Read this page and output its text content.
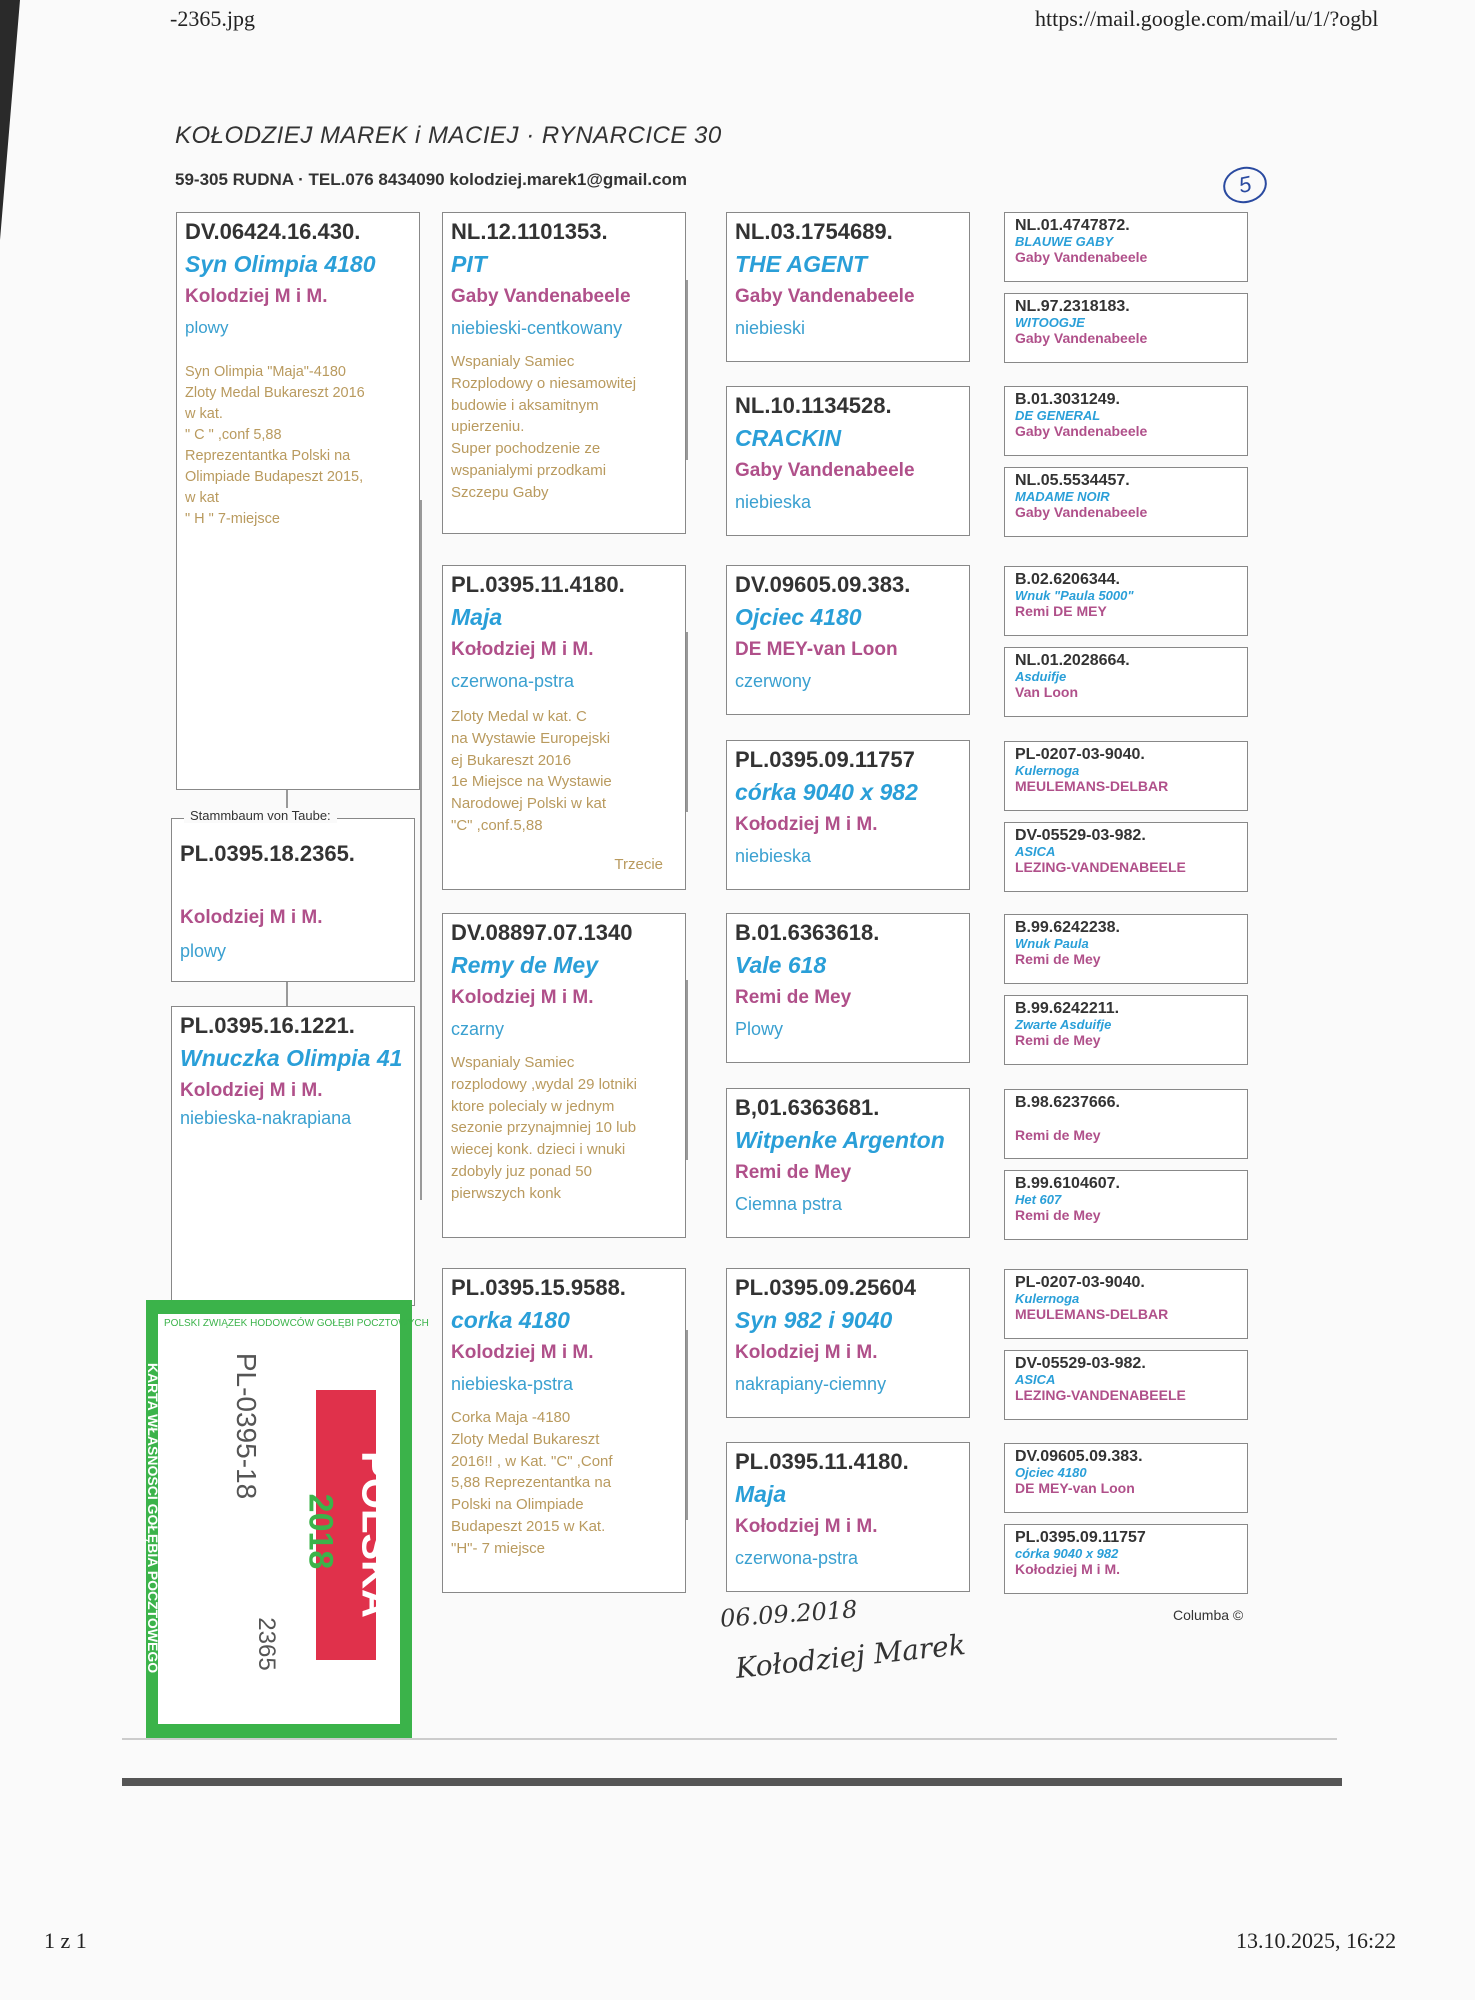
-2365.jpg	https://mail.google.com/mail/u/1/?ogbl
1 z 1	13.10.2025, 16:22
KOŁODZIEJ MAREK i MACIEJ · RYNARCICE 30
59-305 RUDNA · TEL.076 8434090 kolodziej.marek1@gmail.com	5
DV.06424.16.430.
Syn Olimpia 4180
Kolodziej M i M.
plowy
Syn Olimpia "Maja"-4180
Zloty Medal Bukareszt 2016
w kat.
" C " ,conf 5,88
Reprezentantka Polski na
Olimpiade Budapeszt 2015,
w kat
" H " 7-miejsce
Stammbaum von Taube:
PL.0395.18.2365.
Kolodziej M i M.
plowy
PL.0395.16.1221.
Wnuczka Olimpia 41
Kolodziej M i M.
niebieska-nakrapiana
NL.12.1101353.
PIT
Gaby Vandenabeele
niebieski-centkowany
Wspanialy Samiec
Rozplodowy o niesamowitej
budowie i aksamitnym
upierzeniu.
Super pochodzenie ze
wspanialymi przodkami
Szczepu Gaby
PL.0395.11.4180.
Maja
Kołodziej M i M.
czerwona-pstra
Zloty Medal w kat. C
na Wystawie Europejski
ej Bukareszt 2016
1e Miejsce na Wystawie
Narodowej Polski w kat
"C" ,conf.5,88
Trzecie
DV.08897.07.1340
Remy de Mey
Kolodziej M i M.
czarny
Wspanialy Samiec
rozplodowy ,wydal 29 lotniki
ktore polecialy w jednym
sezonie przynajmniej 10 lub
wiecej konk. dzieci i wnuki
zdobyly juz ponad 50
pierwszych konk
PL.0395.15.9588.
corka 4180
Kolodziej M i M.
niebieska-pstra
Corka Maja -4180
Zloty Medal Bukareszt
2016!! , w Kat. "C" ,Conf
5,88 Reprezentantka na
Polski na Olimpiade
Budapeszt 2015 w Kat.
"H"- 7 miejsce
NL.03.1754689.
THE AGENT
Gaby Vandenabeele
niebieski
NL.10.1134528.
CRACKIN
Gaby Vandenabeele
niebieska
DV.09605.09.383.
Ojciec 4180
DE MEY-van Loon
czerwony
PL.0395.09.11757
córka 9040 x 982
Kołodziej M i M.
niebieska
B.01.6363618.
Vale 618
Remi de Mey
Plowy
B,01.6363681.
Witpenke Argenton
Remi de Mey
Ciemna pstra
PL.0395.09.25604
Syn 982 i 9040
Kolodziej M i M.
nakrapiany-ciemny
PL.0395.11.4180.
Maja
Kołodziej M i M.
czerwona-pstra
NL.01.4747872.
BLAUWE GABY
Gaby Vandenabeele
NL.97.2318183.
WITOOGJE
Gaby Vandenabeele
B.01.3031249.
DE GENERAL
Gaby Vandenabeele
NL.05.5534457.
MADAME NOIR
Gaby Vandenabeele
B.02.6206344.
Wnuk "Paula 5000"
Remi DE MEY
NL.01.2028664.
Asduifje
Van Loon
PL-0207-03-9040.
Kulernoga
MEULEMANS-DELBAR
DV-05529-03-982.
ASICA
LEZING-VANDENABEELE
B.99.6242238.
Wnuk Paula
Remi de Mey
B.99.6242211.
Zwarte Asduifje
Remi de Mey
B.98.6237666.
Remi de Mey
B.99.6104607.
Het 607
Remi de Mey
PL-0207-03-9040.
Kulernoga
MEULEMANS-DELBAR
DV-05529-03-982.
ASICA
LEZING-VANDENABEELE
DV.09605.09.383.
Ojciec 4180
DE MEY-van Loon
PL.0395.09.11757
córka 9040 x 982
Kołodziej M i M.
06.09.2018
Kołodziej Marek
Columba ©
KARTA WŁASNOŚCI GOŁĘBIA POCZTOWEGO
POLSKI ZWIĄZEK HODOWCÓW GOŁĘBI POCZTOWYCH
POLSKA
2018
PL-0395-18
2365
